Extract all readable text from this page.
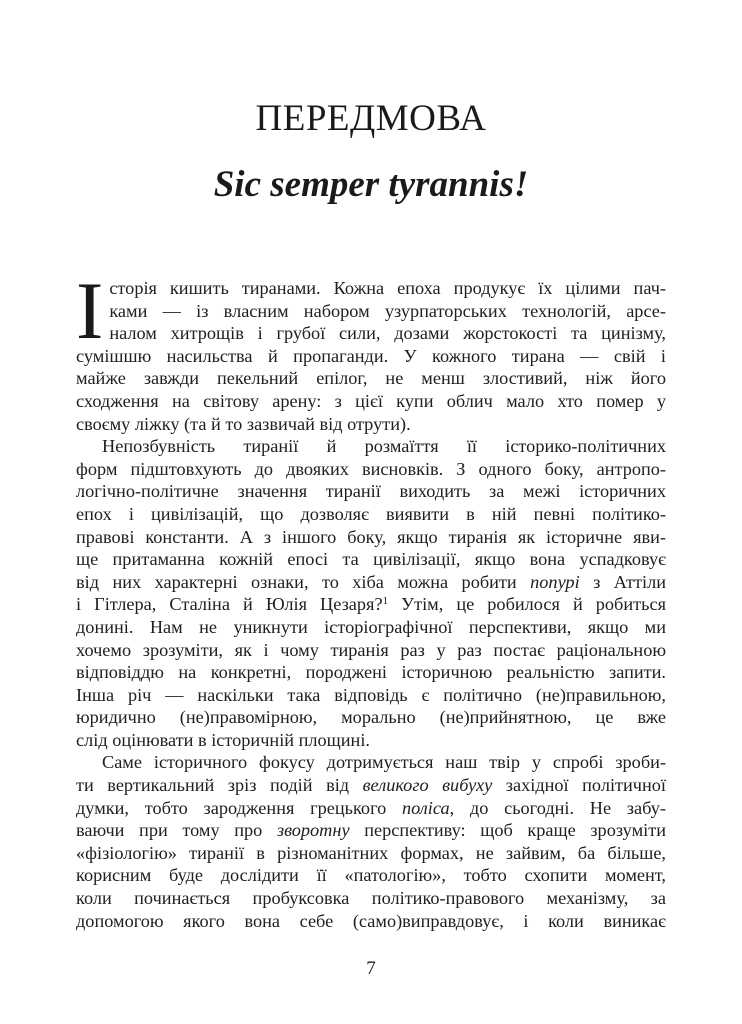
ПЕРЕДМОВА
Sic semper tyrannis!
І сторія кишить тиранами. Кожна епоха продукує їх цілими пач-
ками — із власним набором узурпаторських технологій, арсе-
налом хитрощів і грубої сили, дозами жорстокості та цинізму,
сумішшю насильства й пропаганди. У кожного тирана — свій і
майже завжди пекельний епілог, не менш злостивий, ніж його
сходження на світову арену: з цієї купи облич мало хто помер у
своєму ліжку (та й то зазвичай від отрути).
Непозбувність тиранії й розмаїття її історико-політичних
форм підштовхують до двояких висновків. З одного боку, антропо-
логічно-політичне значення тиранії виходить за межі історичних
епох і цивілізацій, що дозволяє виявити в ній певні політико-
правові константи. А з іншого боку, якщо тиранія як історичне яви-
ще притаманна кожній епосі та цивілізації, якщо вона успадковує
від них характерні ознаки, то хіба можна робити попурі з Аттіли
і Гітлера, Сталіна й Юлія Цезаря?$^1$ Утім, це робилося й робиться
донині. Нам не уникнути історіографічної перспективи, якщо ми
хочемо зрозуміти, як і чому тиранія раз у раз постає раціональною
відповіддю на конкретні, породжені історичною реальністю запити.
Інша річ — наскільки така відповідь є політично (не)правильною,
юридично (не)правомірною, морально (не)прийнятною, це вже
слід оцінювати в історичній площині.
Саме історичного фокусу дотримується наш твір у спробі зроби-
ти вертикальний зріз подій від великого вибуху західної політичної
думки, тобто зародження грецького поліса, до сьогодні. Не забу-
ваючи при тому про зворотну перспективу: щоб краще зрозуміти
«фізіологію» тиранії в різноманітних формах, не зайвим, ба більше,
корисним буде дослідити її «патологію», тобто схопити момент,
коли починається пробуксовка політико-правового механізму, за
допомогою якого вона себе (само)виправдовує, і коли виникає
7
